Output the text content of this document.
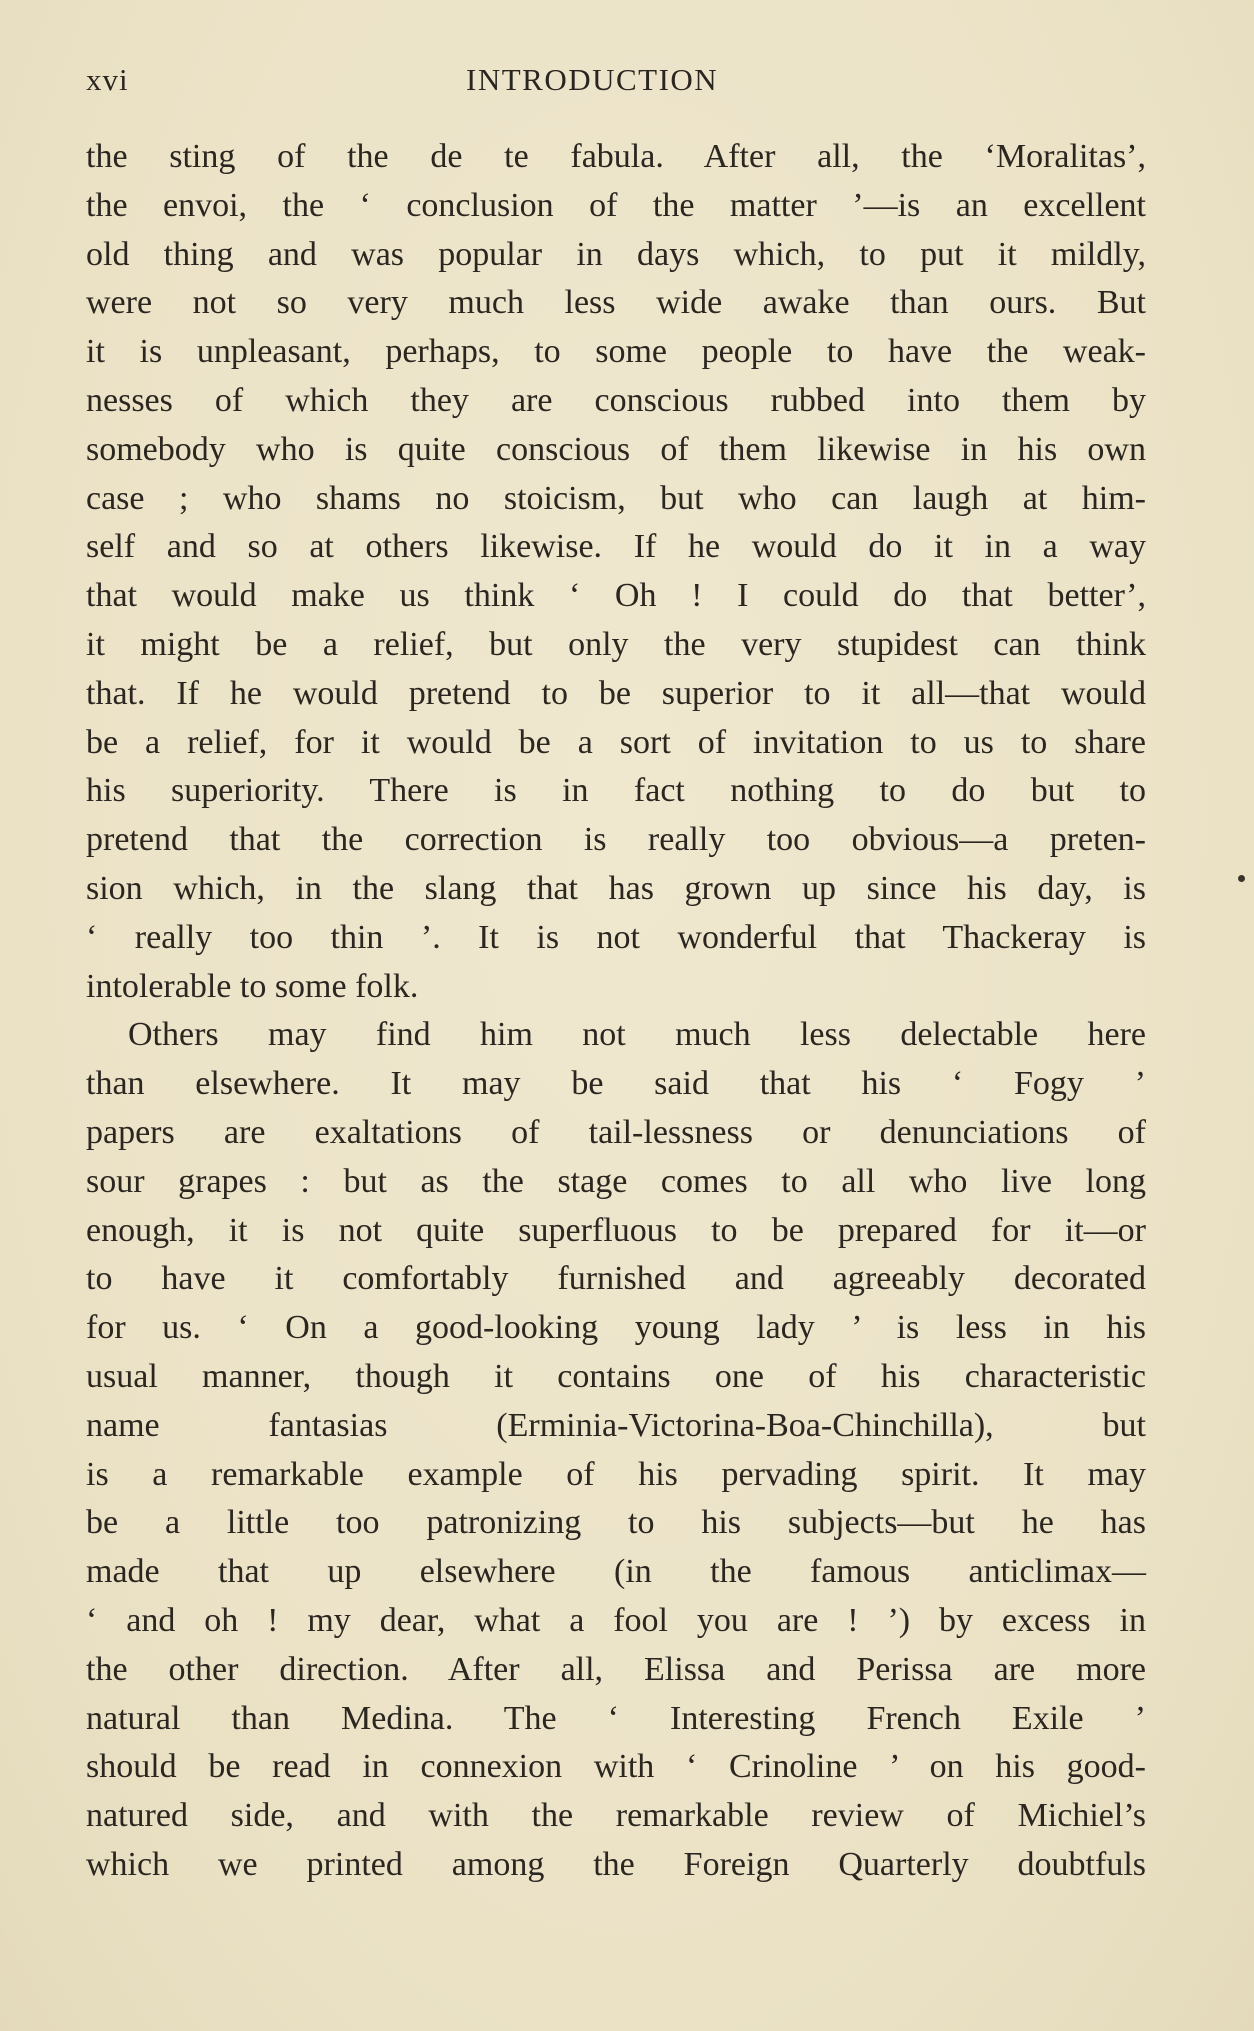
xvi	INTRODUCTION
the sting of the de te fabula. After all, the ‘Moralitas’,
the envoi, the ‘ conclusion of the matter ’—is an excellent
old thing and was popular in days which, to put it mildly,
were not so very much less wide awake than ours. But
it is unpleasant, perhaps, to some people to have the weak-
nesses of which they are conscious rubbed into them by
somebody who is quite conscious of them likewise in his own
case ; who shams no stoicism, but who can laugh at him-
self and so at others likewise. If he would do it in a way
that would make us think ‘ Oh ! I could do that better’,
it might be a relief, but only the very stupidest can think
that. If he would pretend to be superior to it all—that would
be a relief, for it would be a sort of invitation to us to share
his superiority. There is in fact nothing to do but to
pretend that the correction is really too obvious—a preten-
sion which, in the slang that has grown up since his day, is
‘ really too thin ’. It is not wonderful that Thackeray is
intolerable to some folk.
Others may find him not much less delectable here
than elsewhere. It may be said that his ‘ Fogy ’
papers are exaltations of tail-lessness or denunciations of
sour grapes : but as the stage comes to all who live long
enough, it is not quite superfluous to be prepared for it—or
to have it comfortably furnished and agreeably decorated
for us. ‘ On a good-looking young lady ’ is less in his
usual manner, though it contains one of his characteristic
name fantasias (Erminia-Victorina-Boa-Chinchilla), but
is a remarkable example of his pervading spirit. It may
be a little too patronizing to his subjects—but he has
made that up elsewhere (in the famous anticlimax—
‘ and oh ! my dear, what a fool you are ! ’) by excess in
the other direction. After all, Elissa and Perissa are more
natural than Medina. The ‘ Interesting French Exile ’
should be read in connexion with ‘ Crinoline ’ on his good-
natured side, and with the remarkable review of Michiel’s
which we printed among the Foreign Quarterly doubtfuls
